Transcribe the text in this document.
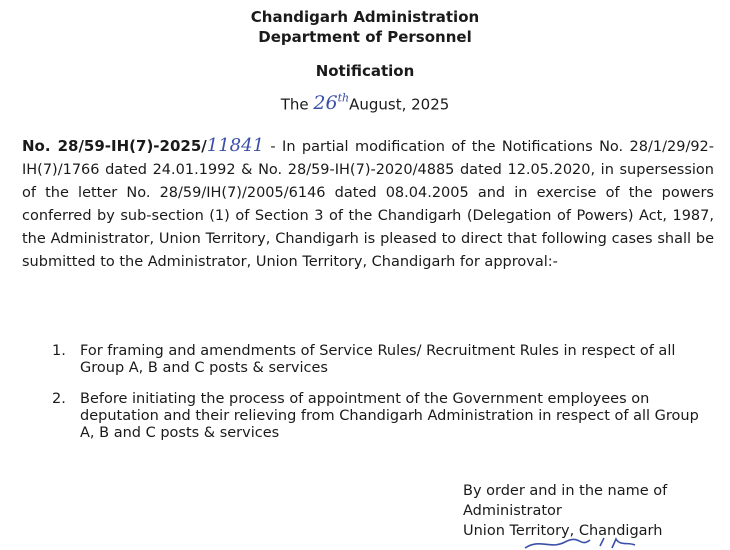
Chandigarh Administration
Department of Personnel
Notification
The 26thAugust, 2025
No. 28/59-IH(7)-2025/11841 - In partial modification of the Notifications No. 28/1/29/92-IH(7)/1766 dated 24.01.1992 & No. 28/59-IH(7)-2020/4885 dated 12.05.2020, in supersession of the letter No. 28/59/IH(7)/2005/6146 dated 08.04.2005 and in exercise of the powers conferred by sub-section (1) of Section 3 of the Chandigarh (Delegation of Powers) Act, 1987, the Administrator, Union Territory, Chandigarh is pleased to direct that following cases shall be submitted to the Administrator, Union Territory, Chandigarh for approval:-
1. For framing and amendments of Service Rules/ Recruitment Rules in respect of all Group A, B and C posts & services
2. Before initiating the process of appointment of the Government employees on deputation and their relieving from Chandigarh Administration in respect of all Group A, B and C posts & services
By order and in the name of
Administrator
Union Territory, Chandigarh
